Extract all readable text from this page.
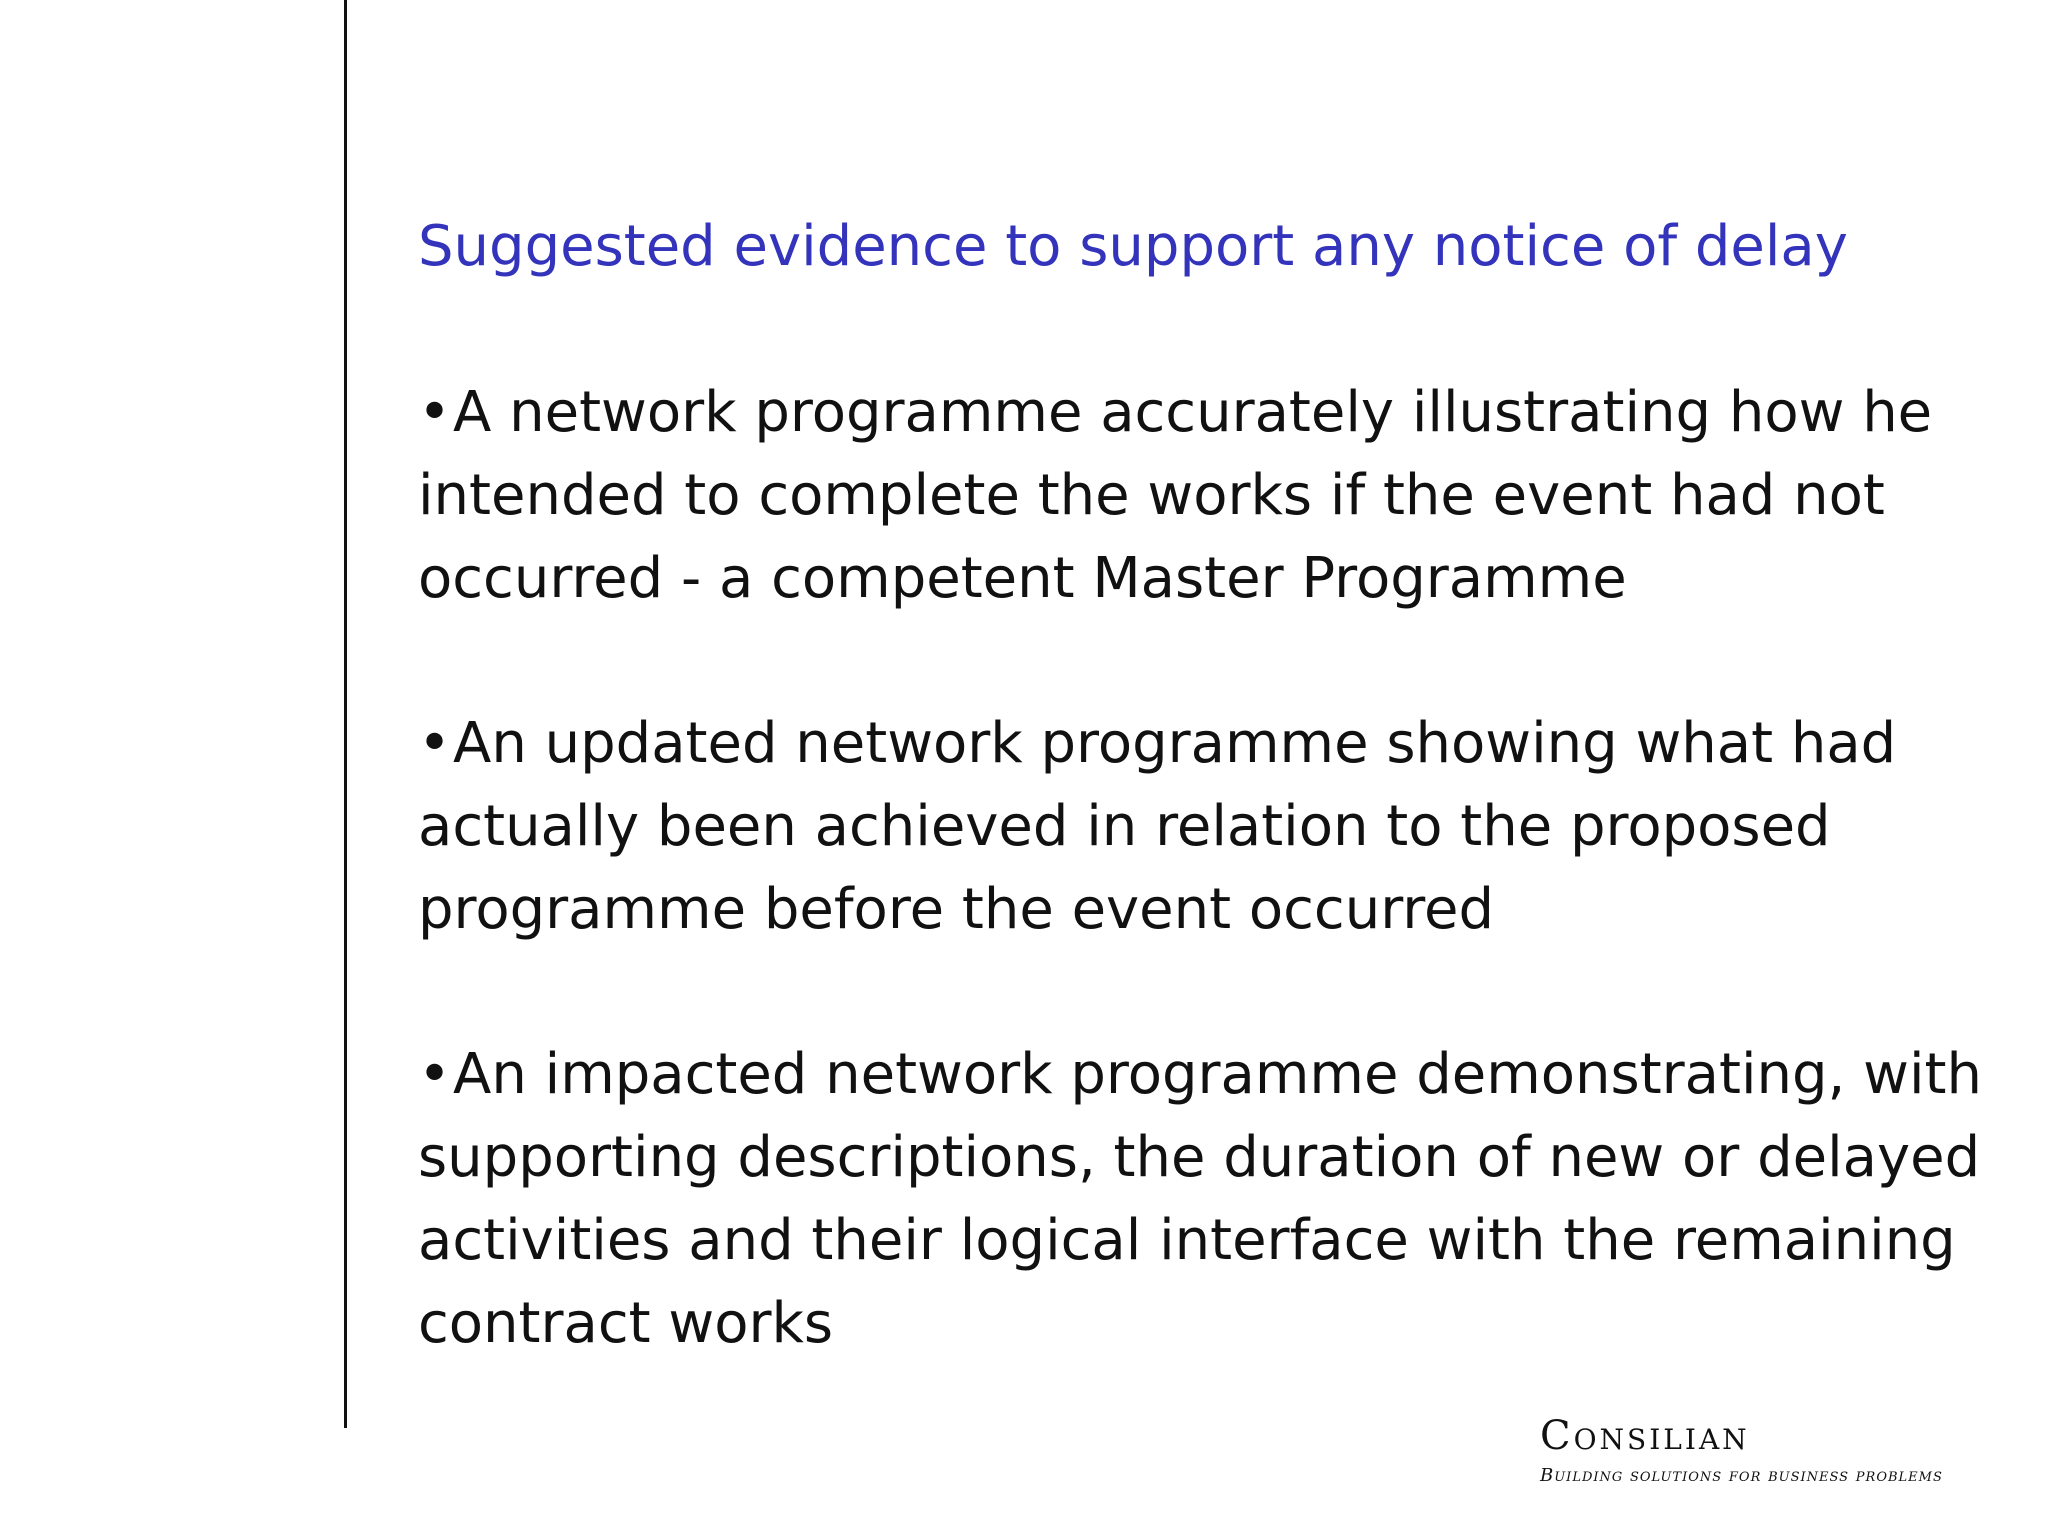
Suggested evidence to support any notice of delay
•A network programme accurately illustrating how he intended to complete the works if the event had not occurred - a competent Master Programme
•An updated network programme showing what had actually been achieved in relation to the proposed programme before the event occurred
•An impacted network programme demonstrating, with supporting descriptions, the duration of new or delayed activities and their logical interface with the remaining contract works
Consilian
Building solutions for business problems
